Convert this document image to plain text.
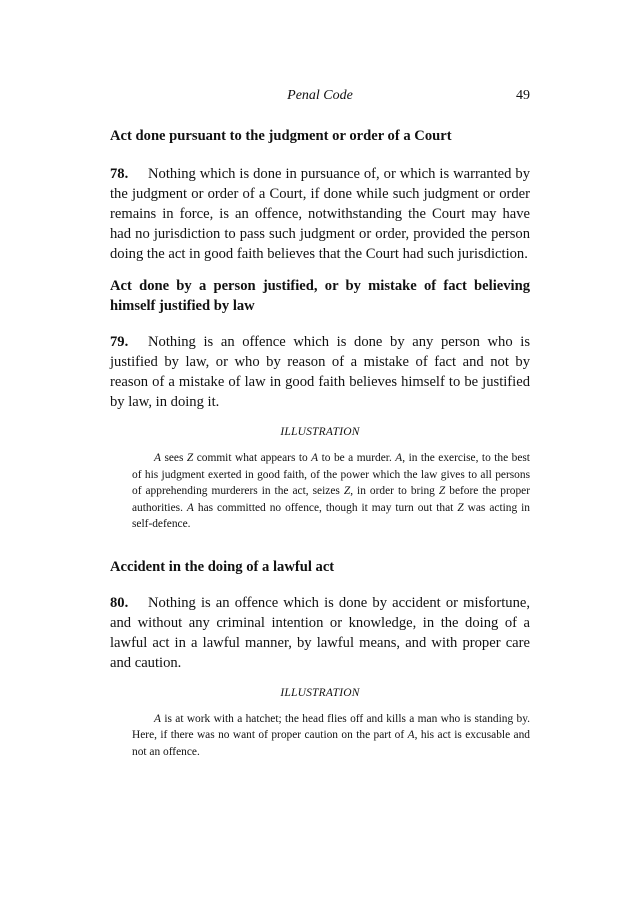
Penal Code	49

Act done pursuant to the judgment or order of a Court

78. Nothing which is done in pursuance of, or which is warranted by the judgment or order of a Court, if done while such judgment or order remains in force, is an offence, notwithstanding the Court may have had no jurisdiction to pass such judgment or order, provided the person doing the act in good faith believes that the Court had such jurisdiction.

Act done by a person justified, or by mistake of fact believing himself justified by law

79. Nothing is an offence which is done by any person who is justified by law, or who by reason of a mistake of fact and not by reason of a mistake of law in good faith believes himself to be justified by law, in doing it.

ILLUSTRATION

A sees Z commit what appears to A to be a murder. A, in the exercise, to the best of his judgment exerted in good faith, of the power which the law gives to all persons of apprehending murderers in the act, seizes Z, in order to bring Z before the proper authorities. A has committed no offence, though it may turn out that Z was acting in self-defence.

Accident in the doing of a lawful act

80. Nothing is an offence which is done by accident or misfortune, and without any criminal intention or knowledge, in the doing of a lawful act in a lawful manner, by lawful means, and with proper care and caution.

ILLUSTRATION

A is at work with a hatchet; the head flies off and kills a man who is standing by. Here, if there was no want of proper caution on the part of A, his act is excusable and not an offence.
